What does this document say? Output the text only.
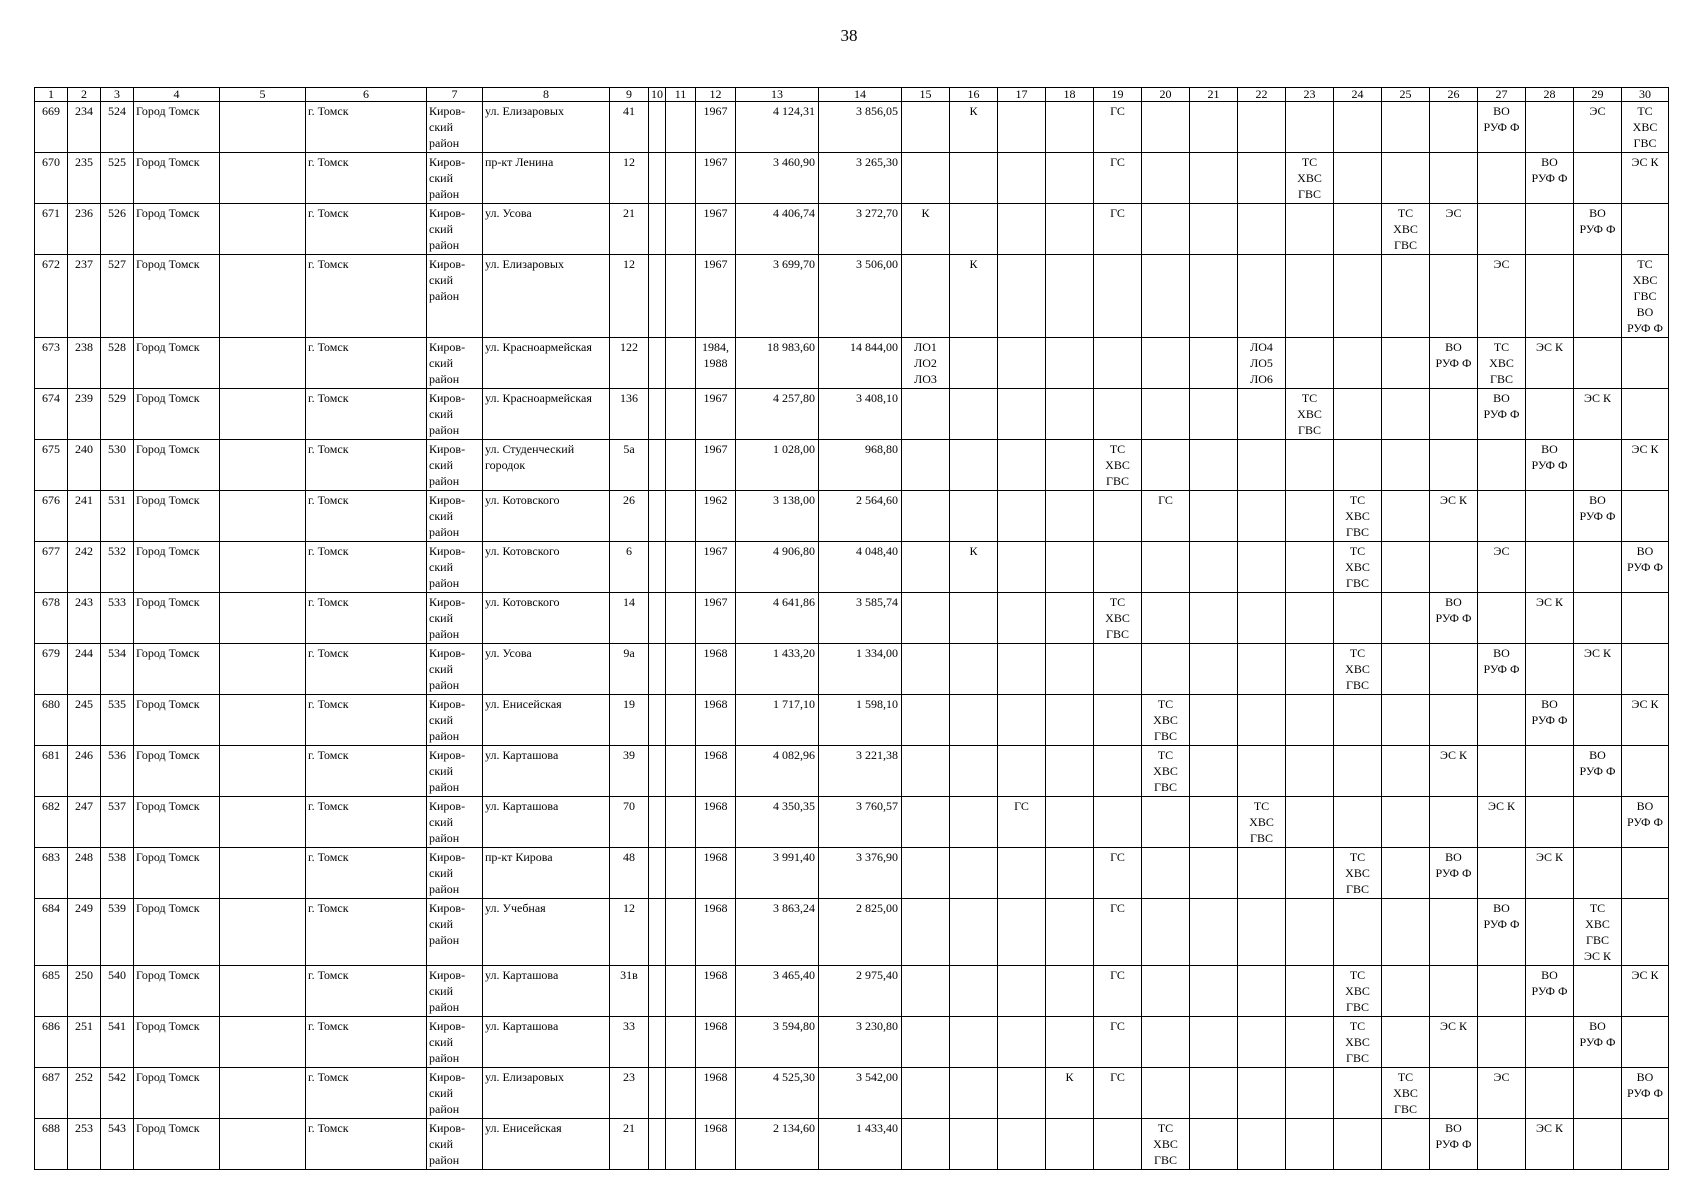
38
1	2	3	4	5	6	7	8	9	10	11	12	13	14	15	16	17	18	19	20	21	22	23	24	25	26	27	28	29	30
669	234	524	Город Томск		г. Томск	Киров-
ский
район	ул. Елизаровых	41			1967	4 124,31	3 856,05		К			ГС								ВО
РУФ Ф		ЭС	ТС
ХВС
ГВС
670	235	525	Город Томск		г. Томск	Киров-
ский
район	пр-кт Ленина	12			1967	3 460,90	3 265,30					ГС				ТС
ХВС
ГВС					ВО
РУФ Ф		ЭС К
671	236	526	Город Томск		г. Томск	Киров-
ский
район	ул. Усова	21			1967	4 406,74	3 272,70	К				ГС						ТС
ХВС
ГВС	ЭС			ВО
РУФ Ф	
672	237	527	Город Томск		г. Томск	Киров-
ский
район	ул. Елизаровых	12			1967	3 699,70	3 506,00		К											ЭС			ТС
ХВС
ГВС
ВО
РУФ Ф
673	238	528	Город Томск		г. Томск	Киров-
ский
район	ул. Красноармейская	122			1984,
1988	18 983,60	14 844,00	ЛО1
ЛО2
ЛО3							ЛО4
ЛО5
ЛО6				ВО
РУФ Ф	ТС
ХВС
ГВС	ЭС К		
674	239	529	Город Томск		г. Томск	Киров-
ский
район	ул. Красноармейская	136			1967	4 257,80	3 408,10									ТС
ХВС
ГВС				ВО
РУФ Ф		ЭС К	
675	240	530	Город Томск		г. Томск	Киров-
ский
район	ул. Студенческий
городок	5а			1967	1 028,00	968,80					ТС
ХВС
ГВС									ВО
РУФ Ф		ЭС К
676	241	531	Город Томск		г. Томск	Киров-
ский
район	ул. Котовского	26			1962	3 138,00	2 564,60						ГС				ТС
ХВС
ГВС		ЭС К			ВО
РУФ Ф	
677	242	532	Город Томск		г. Томск	Киров-
ский
район	ул. Котовского	6			1967	4 906,80	4 048,40		К								ТС
ХВС
ГВС			ЭС			ВО
РУФ Ф
678	243	533	Город Томск		г. Томск	Киров-
ский
район	ул. Котовского	14			1967	4 641,86	3 585,74					ТС
ХВС
ГВС							ВО
РУФ Ф		ЭС К		
679	244	534	Город Томск		г. Томск	Киров-
ский
район	ул. Усова	9а			1968	1 433,20	1 334,00										ТС
ХВС
ГВС			ВО
РУФ Ф		ЭС К	
680	245	535	Город Томск		г. Томск	Киров-
ский
район	ул. Енисейская	19			1968	1 717,10	1 598,10						ТС
ХВС
ГВС								ВО
РУФ Ф		ЭС К
681	246	536	Город Томск		г. Томск	Киров-
ский
район	ул. Карташова	39			1968	4 082,96	3 221,38						ТС
ХВС
ГВС						ЭС К			ВО
РУФ Ф	
682	247	537	Город Томск		г. Томск	Киров-
ский
район	ул. Карташова	70			1968	4 350,35	3 760,57			ГС					ТС
ХВС
ГВС					ЭС К			ВО
РУФ Ф
683	248	538	Город Томск		г. Томск	Киров-
ский
район	пр-кт Кирова	48			1968	3 991,40	3 376,90					ГС					ТС
ХВС
ГВС		ВО
РУФ Ф		ЭС К		
684	249	539	Город Томск		г. Томск	Киров-
ский
район	ул. Учебная	12			1968	3 863,24	2 825,00					ГС								ВО
РУФ Ф		ТС
ХВС
ГВС
ЭС К	
685	250	540	Город Томск		г. Томск	Киров-
ский
район	ул. Карташова	31в			1968	3 465,40	2 975,40					ГС					ТС
ХВС
ГВС				ВО
РУФ Ф		ЭС К
686	251	541	Город Томск		г. Томск	Киров-
ский
район	ул. Карташова	33			1968	3 594,80	3 230,80					ГС					ТС
ХВС
ГВС		ЭС К			ВО
РУФ Ф	
687	252	542	Город Томск		г. Томск	Киров-
ский
район	ул. Елизаровых	23			1968	4 525,30	3 542,00				К	ГС						ТС
ХВС
ГВС		ЭС			ВО
РУФ Ф
688	253	543	Город Томск		г. Томск	Киров-
ский
район	ул. Енисейская	21			1968	2 134,60	1 433,40						ТС
ХВС
ГВС						ВО
РУФ Ф		ЭС К		
